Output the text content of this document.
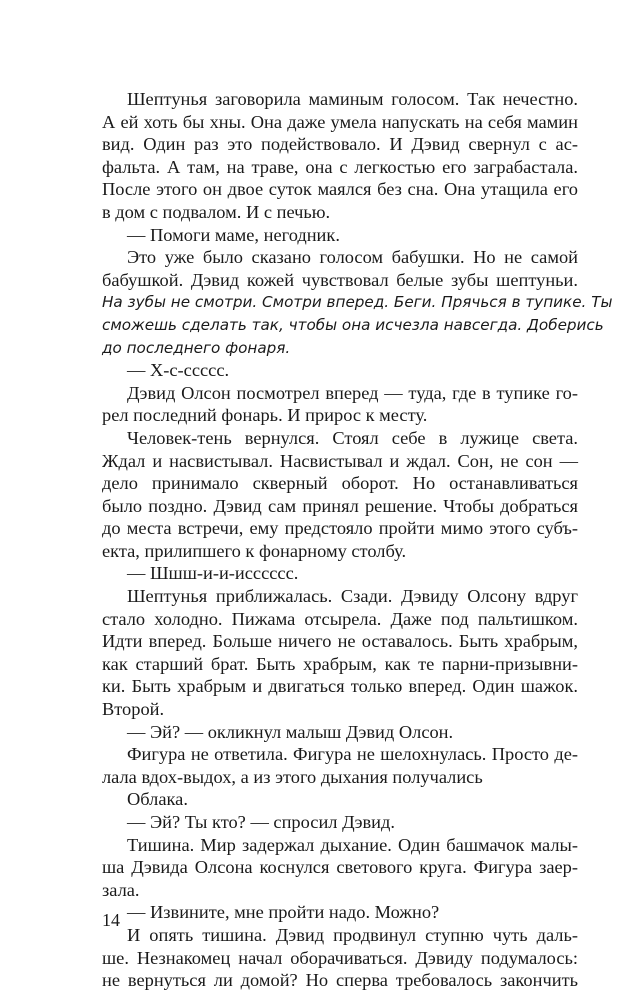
Шептунья заговорила маминым голосом. Так нечестно.
А ей хоть бы хны. Она даже умела напускать на себя мамин
вид. Один раз это подействовало. И Дэвид свернул с ас-
фальта. А там, на траве, она с легкостью его заграбастала.
После этого он двое суток маялся без сна. Она утащила его
в дом с подвалом. И с печью.
— Помоги маме, негодник.
Это уже было сказано голосом бабушки. Но не самой
бабушкой. Дэвид кожей чувствовал белые зубы шептуньи.
На зубы не смотри. Смотри вперед. Беги. Прячься в тупике. Ты
сможешь сделать так, чтобы она исчезла навсегда. Доберись
до последнего фонаря.
— Х-с-ссссс.
Дэвид Олсон посмотрел вперед — туда, где в тупике го-
рел последний фонарь. И прирос к месту.
Человек-тень вернулся. Стоял себе в лужице света.
Ждал и насвистывал. Насвистывал и ждал. Сон, не сон —
дело принимало скверный оборот. Но останавливаться
было поздно. Дэвид сам принял решение. Чтобы добраться
до места встречи, ему предстояло пройти мимо этого субъ-
екта, прилипшего к фонарному столбу.
— Шшш-и-и-исссссс.
Шептунья приближалась. Сзади. Дэвиду Олсону вдруг
стало холодно. Пижама отсырела. Даже под пальтишком.
Идти вперед. Больше ничего не оставалось. Быть храбрым,
как старший брат. Быть храбрым, как те парни-призывни-
ки. Быть храбрым и двигаться только вперед. Один шажок.
Второй.
— Эй? — окликнул малыш Дэвид Олсон.
Фигура не ответила. Фигура не шелохнулась. Просто де-
лала вдох-выдох, а из этого дыхания получались
Облака.
— Эй? Ты кто? — спросил Дэвид.
Тишина. Мир задержал дыхание. Один башмачок малы-
ша Дэвида Олсона коснулся светового круга. Фигура заер-
зала.
— Извините, мне пройти надо. Можно?
И опять тишина. Дэвид продвинул ступню чуть даль-
ше. Незнакомец начал оборачиваться. Дэвиду подумалось:
не вернуться ли домой? Но сперва требовалось закончить
14
